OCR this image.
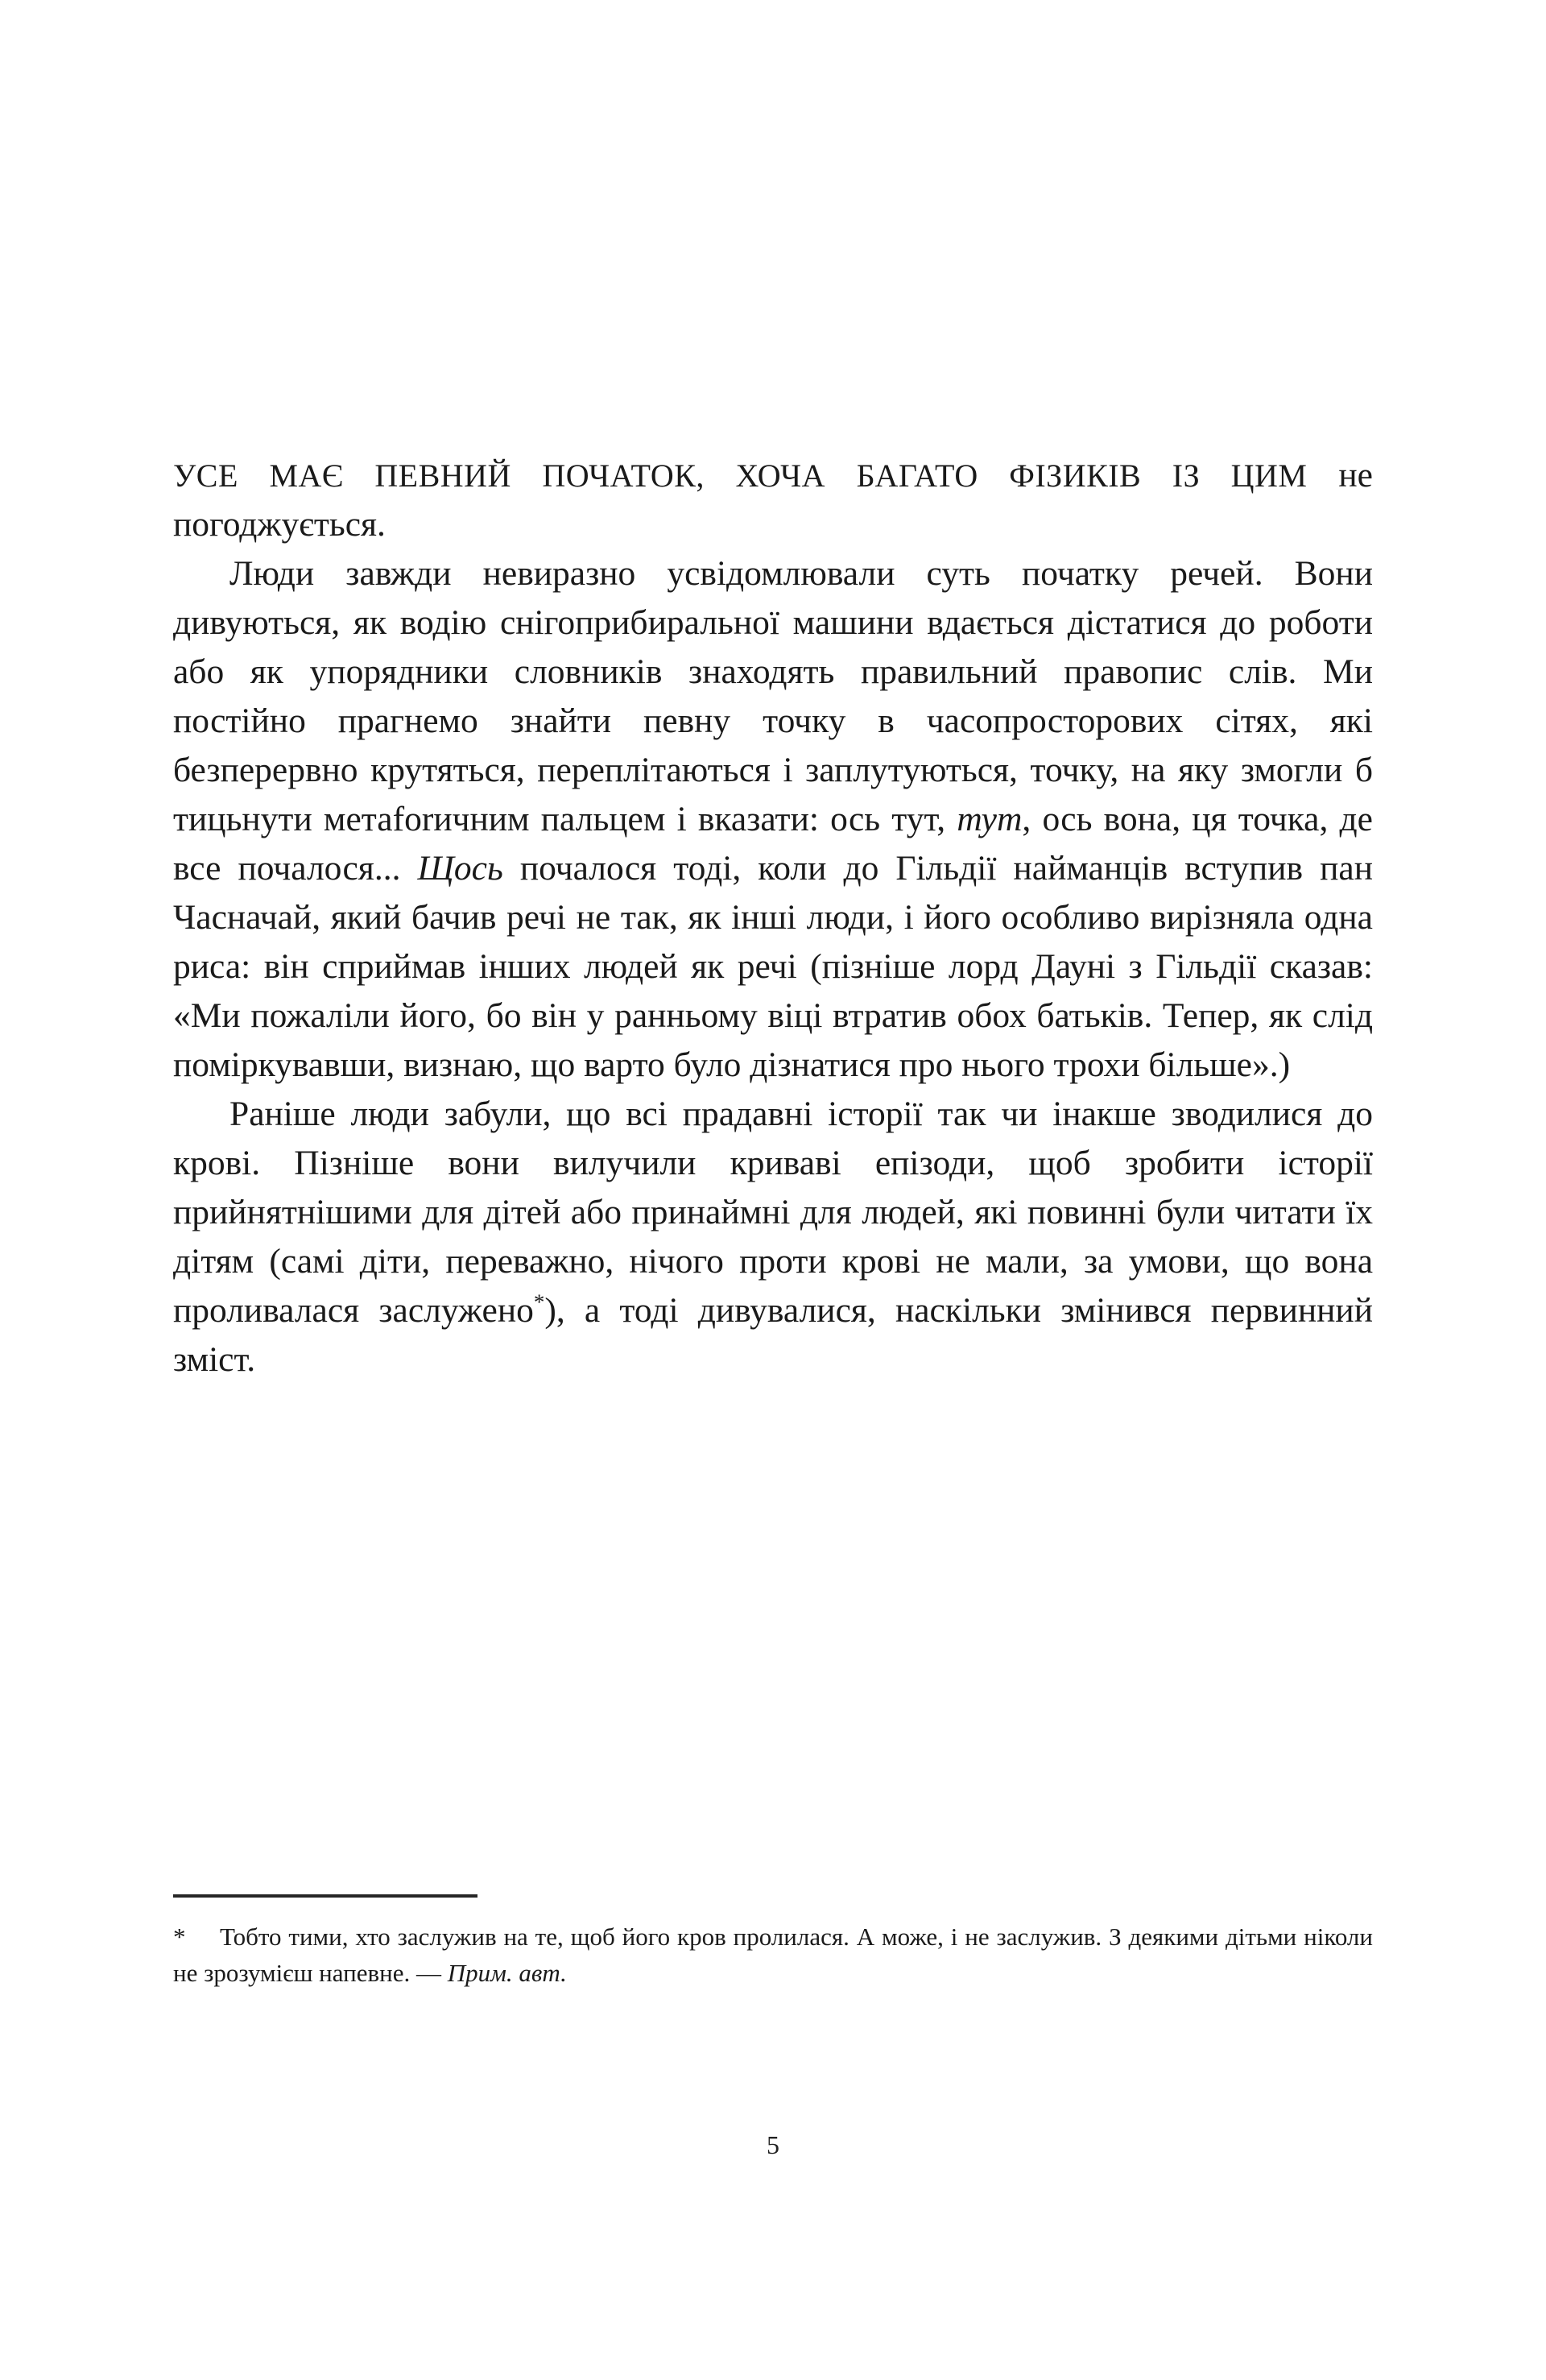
УСЕ МАЄ ПЕВНИЙ ПОЧАТОК, ХОЧА БАГАТО ФІЗИКІВ ІЗ ЦИМ не погоджується.

Люди завжди невиразно усвідомлювали суть початку речей. Вони дивуються, як водію снігоприбиральної машини вдається дістатися до роботи або як упорядники словників знаходять правильний правопис слів. Ми постійно прагнемо знайти певну точку в часопросторових сітях, які безперервно крутяться, переплітаються і заплутуються, точку, на яку змогли б тицьнути метаforичним пальцем і вказати: ось тут, тут, ось вона, ця точка, де все почалося... Щось почалося тоді, коли до Гільдії найманців вступив пан Часначай, який бачив речі не так, як інші люди, і його особливо вирізняла одна риса: він сприймав інших людей як речі (пізніше лорд Дауні з Гільдії сказав: «Ми пожаліли його, бо він у ранньому віці втратив обох батьків. Тепер, як слід поміркувавши, визнаю, що варто було дізнатися про нього трохи більше».)

Раніше люди забули, що всі прадавні історії так чи інакше зводилися до крові. Пізніше вони вилучили криваві епізоди, щоб зробити історії прийнятнішими для дітей або принаймні для людей, які повинні були читати їх дітям (самі діти, переважно, нічого проти крові не мали, за умови, що вона проливалася заслужено*), а тоді дивувалися, наскільки змінився первинний зміст.

* Тобто тими, хто заслужив на те, щоб його кров пролилася. А може, і не заслужив. З деякими дітьми ніколи не зрозумієш напевне. — Прим. авт.

5
